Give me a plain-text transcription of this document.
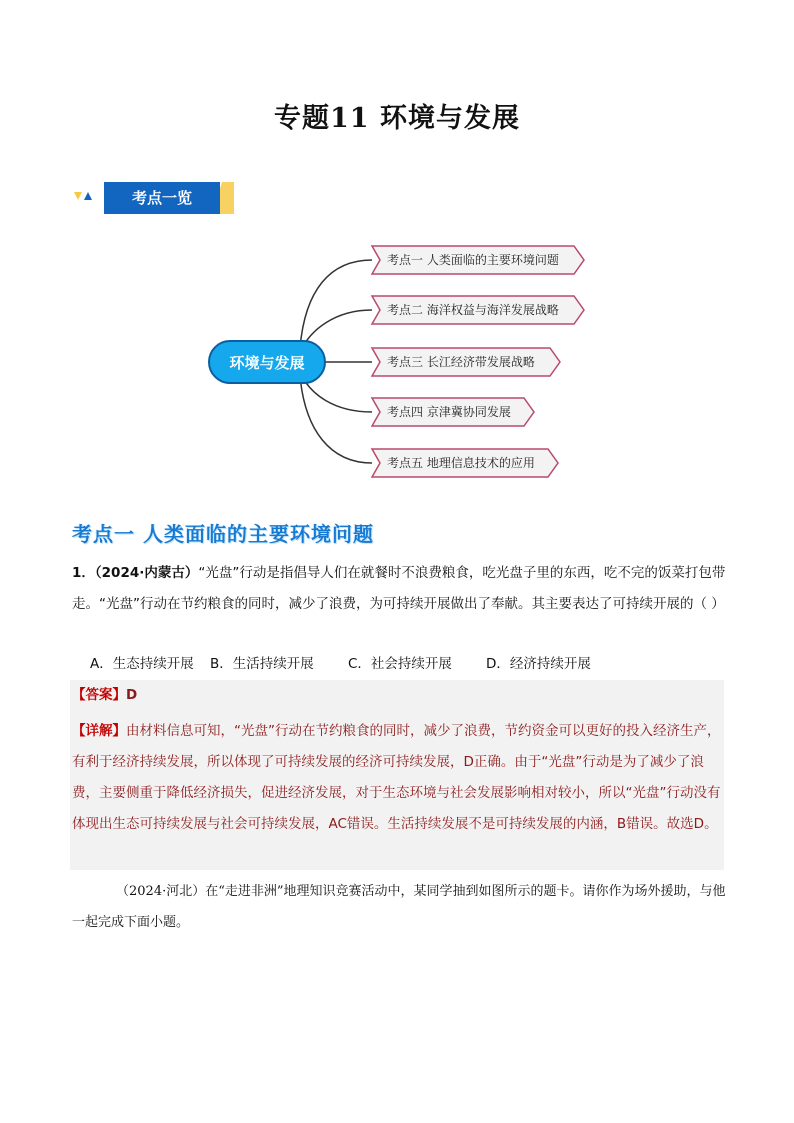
专题11 环境与发展
考点一览
考点一 人类面临的主要环境问题
考点二 海洋权益与海洋发展战略
考点三 长江经济带发展战略
考点四 京津冀协同发展
考点五 地理信息技术的应用
环境与发展
考点一 人类面临的主要环境问题
1．（2024·内蒙古）“光盘”行动是指倡导人们在就餐时不浪费粮食，吃光盘子里的东西，吃不完的饭菜打包带走。“光盘”行动在节约粮食的同时，减少了浪费，为可持续开展做出了奉献。其主要表达了可持续开展的（ ）
A．生态持续开展 B．生活持续开展	C．社会持续开展	D．经济持续开展
【答案】D
【详解】由材料信息可知，“光盘”行动在节约粮食的同时，减少了浪费，节约资金可以更好的投入经济生产，有利于经济持续发展，所以体现了可持续发展的经济可持续发展，D正确。由于“光盘”行动是为了减少了浪费，主要侧重于降低经济损失，促进经济发展，对于生态环境与社会发展影响相对较小，所以“光盘”行动没有体现出生态可持续发展与社会可持续发展，AC错误。生活持续发展不是可持续发展的内涵，B错误。故选D。
（2024·河北）在“走进非洲”地理知识竞赛活动中，某同学抽到如图所示的题卡。请你作为场外援助，与他一起完成下面小题。
